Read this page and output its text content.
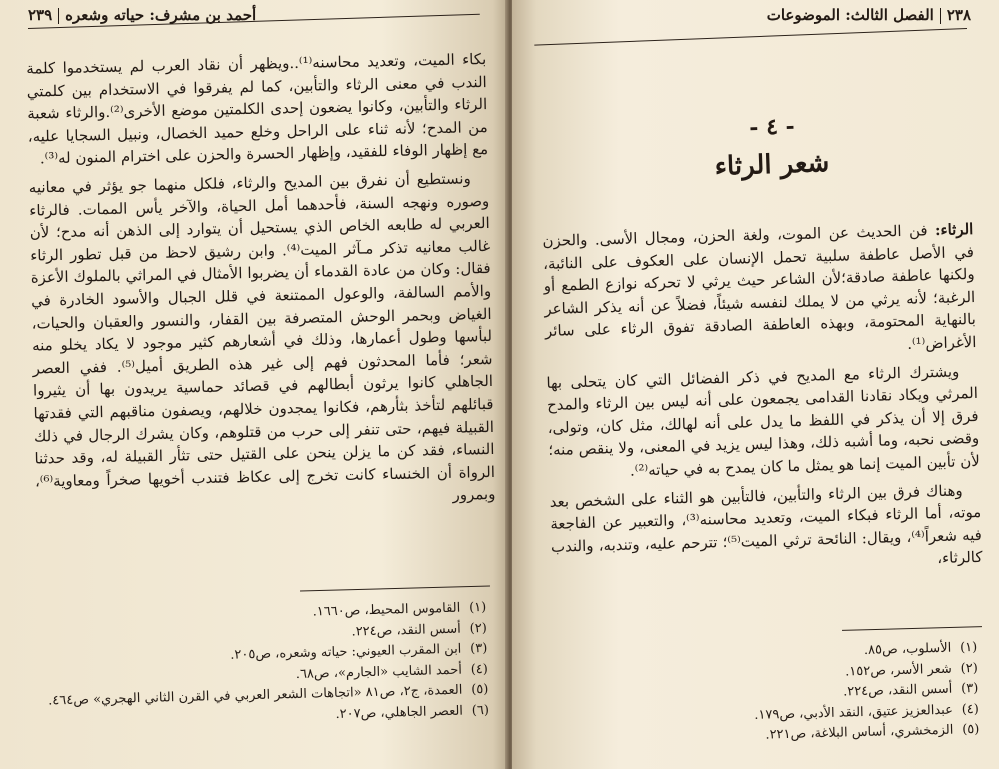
أحمد بن مشرف: حياته وشعره٢٣٩

بكاء الميت، وتعديد محاسنه⁽¹⁾..ويظهر أن نقاد العرب لم يستخدموا كلمة الندب في معنى الرثاء والتأبين، كما لم يفرقوا في الاستخدام بين كلمتي الرثاء والتأبين، وكانوا يضعون إحدى الكلمتين موضع الأخرى⁽²⁾.والرثاء شعبة من المدح؛ لأنه ثناء على الراحل وخلع حميد الخصال، ونبيل السجايا عليه، مع إظهار الوفاء للفقيد، وإظهار الحسرة والحزن على اخترام المنون له⁽³⁾.

ونستطيع أن نفرق بين المديح والرثاء، فلكل منهما جو يؤثر في معانيه وصوره ونهجه السنة، فأحدهما أمل الحياة، والآخر يأس الممات. فالرثاء العربي له طابعه الخاص الذي يستحيل أن يتوارد إلى الذهن أنه مدح؛ لأن غالب معانيه تذكر مـآثر الميت⁽⁴⁾. وابن رشيق لاحظ من قبل تطور الرثاء فقال: وكان من عادة القدماء أن يضربوا الأمثال في المراثي بالملوك الأعزة والأمم السالفة، والوعول الممتنعة في قلل الجبال والأسود الخادرة في الغياض وبحمر الوحش المتصرفة بين القفار، والنسور والعقبان والحيات، لبأسها وطول أعمارها، وذلك في أشعارهم كثير موجود لا يكاد يخلو منه شعر؛ فأما المحدثون فهم إلى غير هذه الطريق أميل⁽⁵⁾. ففي العصر الجاهلي كانوا يرثون أبطالهم في قصائد حماسية يريدون بها أن يثيروا قبائلهم لتأخذ بثأرهم، فكانوا يمجدون خلالهم، ويصفون مناقبهم التي فقدتها القبيلة فيهم، حتى تنفر إلى حرب من قتلوهم، وكان يشرك الرجال في ذلك النساء، فقد كن ما يزلن ينحن على القتيل حتى تثأر القبيلة له، وقد حدثنا الرواة أن الخنساء كانت تخرج إلى عكاظ فتندب أخويها صخراً ومعاوية⁽⁶⁾، وبمرور

(١)القاموس المحيط، ص١٦٦٠.
(٢)أسس النقد، ص٢٢٤.
(٣)ابن المقرب العيوني: حياته وشعره، ص٢٠٥.
(٤)أحمد الشايب «الجارم»، ص٦٨.
(٥)العمدة، ج٢، ص٨١ «اتجاهات الشعر العربي في القرن الثاني الهجري» ص٤٦٤.
(٦)العصر الجاهلي، ص٢٠٧.
٢٣٨الفصل الثالث: الموضوعات
- ٤ -
شعر الرثاء

الرثاء: فن الحديث عن الموت، ولغة الحزن، ومجال الأسى. والحزن في الأصل عاطفة سلبية تحمل الإنسان على العكوف على النائبة، ولكنها عاطفة صادقة؛لأن الشاعر حيث يرثي لا تحركه نوازع الطمع أو الرغبة؛ لأنه يرثي من لا يملك لنفسه شيئاً، فضلاً عن أنه يذكر الشاعر بالنهاية المحتومة، وبهذه العاطفة الصادقة تفوق الرثاء على سائر الأغراض⁽¹⁾.

ويشترك الرثاء مع المديح في ذكر الفضائل التي كان يتحلى بها المرثي ويكاد نقادنا القدامى يجمعون على أنه ليس بين الرثاء والمدح فرق إلا أن يذكر في اللفظ ما يدل على أنه لهالك، مثل كان، وتولى، وقضى نحبه، وما أشبه ذلك، وهذا ليس يزيد في المعنى، ولا ينقص منه؛ لأن تأبين الميت إنما هو يمثل ما كان يمدح به في حياته⁽²⁾.

وهناك فرق بين الرثاء والتأبين، فالتأبين هو الثناء على الشخص بعد موته، أما الرثاء فبكاء الميت، وتعديد محاسنه⁽³⁾، والتعبير عن الفاجعة فيه شعراً⁽⁴⁾، ويقال: النائحة ترثي الميت⁽⁵⁾؛ تترحم عليه، وتندبه، والندب كالرثاء،

(١)الأسلوب، ص٨٥.
(٢)شعر الأسر، ص١٥٢.
(٣)أسس النقد، ص٢٢٤.
(٤)عبدالعزيز عتيق، النقد الأدبي، ص١٧٩.
(٥)الزمخشري، أساس البلاغة، ص٢٢١.
